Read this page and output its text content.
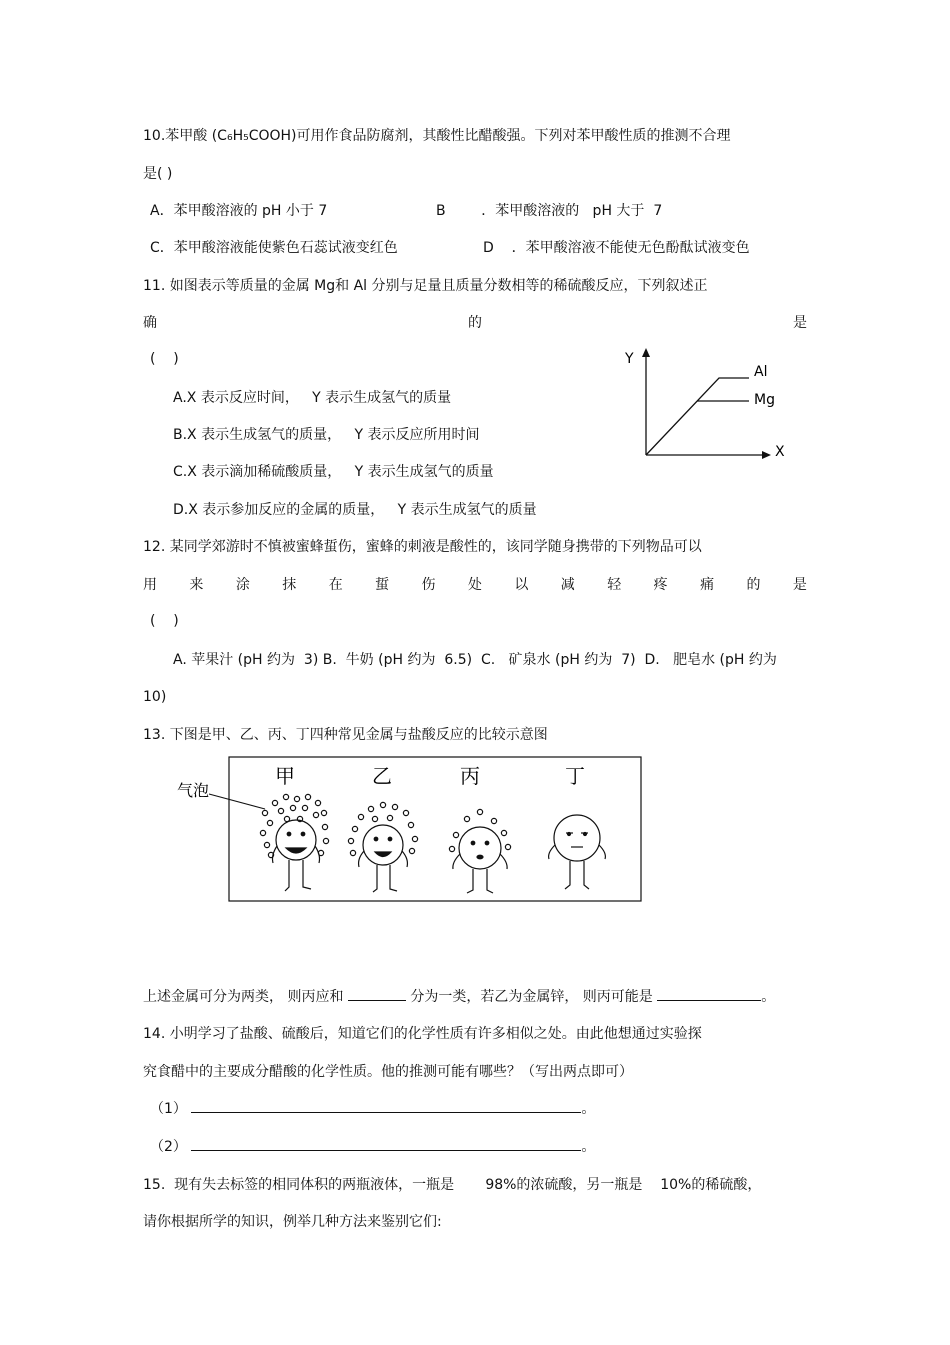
10.苯甲酸 (C₆H₅COOH)可用作食品防腐剂，其酸性比醋酸强。下列对苯甲酸性质的推测不合理
是( )
A．苯甲酸溶液的 pH 小于 7	B        ．苯甲酸溶液的   pH 大于  7
C．苯甲酸溶液能使紫色石蕊试液变红色	D    ．苯甲酸溶液不能使无色酚酞试液变色
11. 如图表示等质量的金属 Mg和 Al 分别与足量且质量分数相等的稀硫酸反应，下列叙述正
确	的	是
(    )
A.X 表示反应时间，   Y 表示生成氢气的质量
B.X 表示生成氢气的质量，   Y 表示反应所用时间
C.X 表示滴加稀硫酸质量，   Y 表示生成氢气的质量
D.X 表示参加反应的金属的质量，   Y 表示生成氢气的质量
Y
X
Al
Mg
12. 某同学郊游时不慎被蜜蜂蜇伤，蜜蜂的刺液是酸性的，该同学随身携带的下列物品可以
用 来 涂 抹 在 蜇 伤 处 以 减 轻 疼 痛 的 是
(    )
A. 苹果汁 (pH 约为  3) B.  牛奶 (pH 约为  6.5)  C.   矿泉水 (pH 约为  7)  D.   肥皂水 (pH 约为
10)
13. 下图是甲、乙、丙、丁四种常见金属与盐酸反应的比较示意图
气泡
甲	乙	丙	丁
上述金属可分为两类， 则丙应和	分为一类，若乙为金属锌， 则丙可能是	。
14. 小明学习了盐酸、硫酸后，知道它们的化学性质有许多相似之处。由此他想通过实验探
究食醋中的主要成分醋酸的化学性质。他的推测可能有哪些？（写出两点即可）
（1）	。
（2）	。
15.  现有失去标签的相同体积的两瓶液体，一瓶是       98%的浓硫酸，另一瓶是    10%的稀硫酸，
请你根据所学的知识，例举几种方法来鉴别它们:
